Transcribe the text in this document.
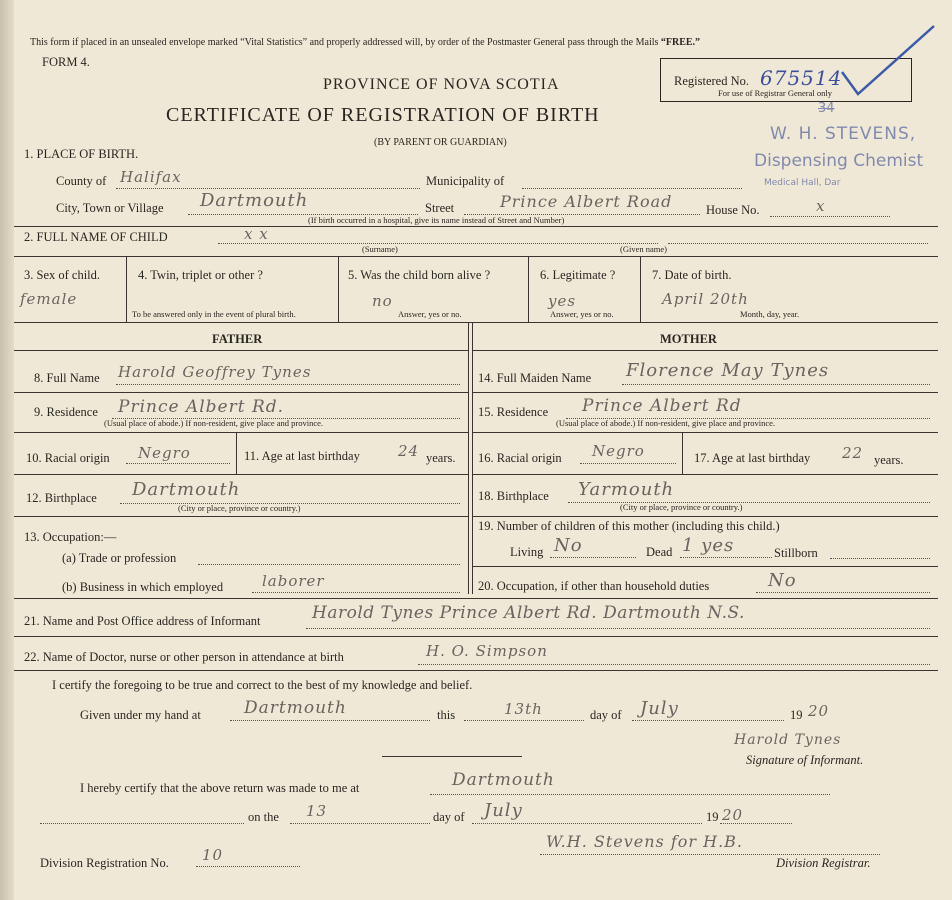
This form if placed in an unsealed envelope marked “Vital Statistics” and properly addressed will, by order of the Postmaster General pass through the Mails “FREE.”
FORM 4.
PROVINCE OF NOVA SCOTIA
CERTIFICATE OF REGISTRATION OF BIRTH
(BY PARENT OR GUARDIAN)
Registered No. 675514
For use of Registrar General only
34
W. H. STEVENS,
Dispensing Chemist
Medical Hall, Dar
1. PLACE OF BIRTH.
County of Halifax	Municipality of
City, Town or Village Dartmouth	Street	Prince Albert Road	House No.	x
(If birth occurred in a hospital, give its name instead of Street and Number)
2. FULL NAME OF CHILD	x x
(Surname)	(Given name)
3. Sex of child.
female
4. Twin, triplet or other ?
To be answered only in the event of plural birth.
5. Was the child born alive ?
no
Answer, yes or no.
6. Legitimate ?
yes
Answer, yes or no.
7. Date of birth.
April 20th
Month, day, year.
FATHER	MOTHER
8. Full Name Harold Geoffrey Tynes
9. Residence Prince Albert Rd.
(Usual place of abode.) If non-resident, give place and province.
10. Racial origin Negro	11. Age at last birthday	24 years.
12. Birthplace Dartmouth
(City or place, province or country.)
13. Occupation:—
(a) Trade or profession
(b) Business in which employed	laborer
14. Full Maiden Name Florence May Tynes
15. Residence Prince Albert Rd
(Usual place of abode.) If non-resident, give place and province.
16. Racial origin Negro	17. Age at last birthday 22 years.
18. Birthplace Yarmouth
(City or place, province or country.)
19. Number of children of this mother (including this child.)
Living No	Dead 1 yes	Stillborn
20. Occupation, if other than household duties	No
21. Name and Post Office address of Informant	Harold Tynes Prince Albert Rd. Dartmouth N.S.
22. Name of Doctor, nurse or other person in attendance at birth	H. O. Simpson
I certify the foregoing to be true and correct to the best of my knowledge and belief.
Given under my hand at	Dartmouth	this	13th	day of July	19 20
Harold Tynes
Signature of Informant.
I hereby certify that the above return was made to me at	Dartmouth
on the 13	day of July	19 20
Division Registration No. 10
W.H. Stevens for H.B.
Division Registrar.
